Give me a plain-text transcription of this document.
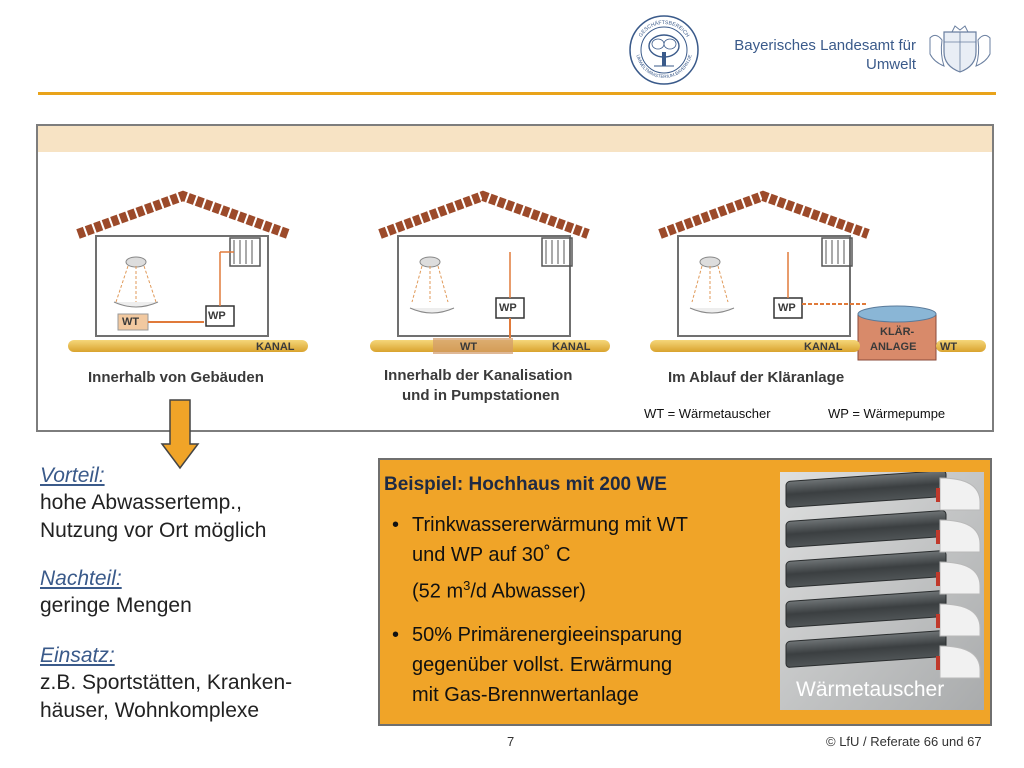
GESCHÄFTSBEREICH
UMWELTMINISTERIUM.BAYERN.DE
Bayerisches Landesamt für
Umwelt
WT	WP
KANAL
Innerhalb von Gebäuden
WT
WP
KANAL
Innerhalb der Kanalisation
und in Pumpstationen
WP
KANAL
KLÄR-
ANLAGE WT
Im Ablauf der Kläranlage
WT = Wärmetauscher	WP = Wärmepumpe
Vorteil:
hohe Abwassertemp.,
Nutzung vor Ort möglich
Nachteil:
geringe Mengen
Einsatz:
z.B. Sportstätten, Kranken-
häuser, Wohnkomplexe
Beispiel: Hochhaus mit 200 WE
• Trinkwassererwärmung mit WT
und WP auf 30˚ C
(52 $m^3/d$ Abwasser)
• 50% Primärenergieeinsparung
gegenüber vollst. Erwärmung
mit Gas-Brennwertanlage	Wärmetauscher
7	© LfU / Referate 66 und 67
